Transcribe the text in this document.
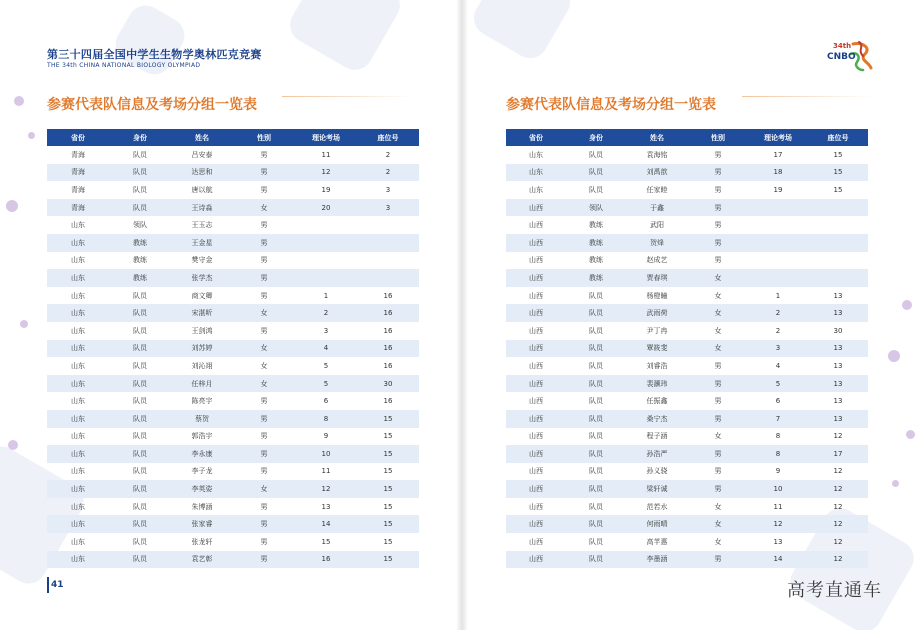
第三十四届全国中学生生物学奥林匹克竞赛
THE 34th CHINA NATIONAL BIOLOGY OLYMPIAD
参赛代表队信息及考场分组一览表
省份	身份	姓名	性别	理论考场	座位号
青海	队员	吕安泰	男	11	2
青海	队员	达思和	男	12	2
青海	队员	唐以航	男	19	3
青海	队员	王诗淼	女	20	3
山东	领队	王玉志	男		
山东	教练	王金星	男		
山东	教练	樊守金	男		
山东	教练	张学杰	男		
山东	队员	商文卿	男	1	16
山东	队员	宋湛昕	女	2	16
山东	队员	王剑鸿	男	3	16
山东	队员	刘苏婷	女	4	16
山东	队员	刘沁翊	女	5	16
山东	队员	任梓月	女	5	30
山东	队员	陈亮宇	男	6	16
山东	队员	蔡贺	男	8	15
山东	队员	郭浩宇	男	9	15
山东	队员	李永康	男	10	15
山东	队员	李子龙	男	11	15
山东	队员	李英姿	女	12	15
山东	队员	朱博涵	男	13	15
山东	队员	张家睿	男	14	15
山东	队员	张龙轩	男	15	15
山东	队员	袁艺彰	男	16	15
41
参赛代表队信息及考场分组一览表
省份	身份	姓名	性别	理论考场	座位号
山东	队员	袁海铭	男	17	15
山东	队员	刘禹歆	男	18	15
山东	队员	任家睦	男	19	15
山西	领队	于鑫	男		
山西	教练	武阳	男		
山西	教练	贺烽	男		
山西	教练	赵成艺	男		
山西	教练	贾春琪	女		
山西	队员	杨橙瞳	女	1	13
山西	队员	武雨荷	女	2	13
山西	队员	尹丁冉	女	2	30
山西	队员	覃筱斐	女	3	13
山西	队员	刘睿浩	男	4	13
山西	队员	裴灏玮	男	5	13
山西	队员	任振鑫	男	6	13
山西	队员	桑宁杰	男	7	13
山西	队员	程子涵	女	8	12
山西	队员	孙浩严	男	8	17
山西	队员	孙义骁	男	9	12
山西	队员	梁轩诚	男	10	12
山西	队员	范若水	女	11	12
山西	队员	何雨晴	女	12	12
山西	队员	高芊惠	女	13	12
山西	队员	李墨涵	男	14	12
34th
CNBO
高考直通车
